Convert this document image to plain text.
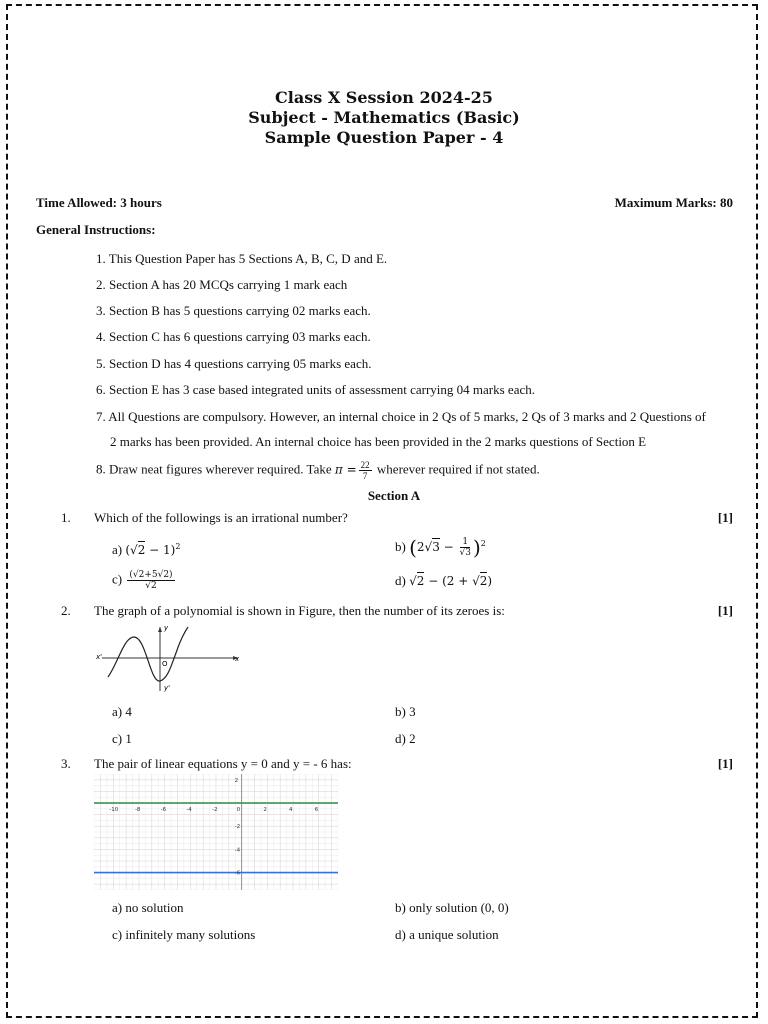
Class X Session 2024-25
Subject - Mathematics (Basic)
Sample Question Paper - 4
Time Allowed: 3 hours	Maximum Marks: 80
General Instructions:
1. This Question Paper has 5 Sections A, B, C, D and E.
2. Section A has 20 MCQs carrying 1 mark each
3. Section B has 5 questions carrying 02 marks each.
4. Section C has 6 questions carrying 03 marks each.
5. Section D has 4 questions carrying 05 marks each.
6. Section E has 3 case based integrated units of assessment carrying 04 marks each.
7. All Questions are compulsory. However, an internal choice in 2 Qs of 5 marks, 2 Qs of 3 marks and 2 Questions of
2 marks has been provided. An internal choice has been provided in the 2 marks questions of Section E
8. Draw neat figures wherever required. Take $\pi = \frac{22}{7}$ wherever required if not stated.
Section A
1. Which of the followings is an irrational number?	[1]
a) $(√2 - 1)^2$	b) $(2√3 - \frac{1}{√3} )^2$
$c) \frac{(√2+5√2)}{√2}$	d) √2 − (2 + √2)
2. The graph of a polynomial is shown in Figure, then the number of its zeroes is:	[1]
y
x
x'
y'
O
a) 4	b) 3
c) 1	d) 2
3. The pair of linear equations y = 0 and y = - 6 has:	[1]
-10	-8	-6	-4	-2	0	2	4	6
2
-2
-4
-6
a) no solution	b) only solution (0, 0)
c) infinitely many solutions	d) a unique solution
